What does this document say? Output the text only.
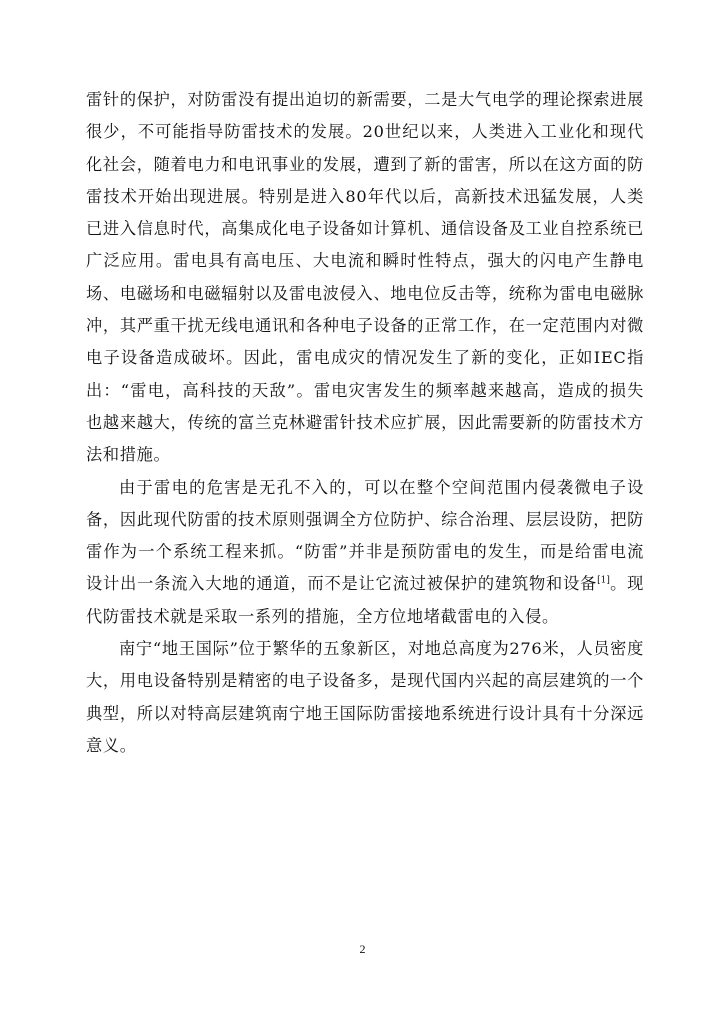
雷针的保护，对防雷没有提出迫切的新需要，二是大气电学的理论探索进展很少，不可能指导防雷技术的发展。20世纪以来，人类进入工业化和现代化社会，随着电力和电讯事业的发展，遭到了新的雷害，所以在这方面的防雷技术开始出现进展。特别是进入80年代以后，高新技术迅猛发展，人类已进入信息时代，高集成化电子设备如计算机、通信设备及工业自控系统已广泛应用。雷电具有高电压、大电流和瞬时性特点，强大的闪电产生静电场、电磁场和电磁辐射以及雷电波侵入、地电位反击等，统称为雷电电磁脉冲，其严重干扰无线电通讯和各种电子设备的正常工作，在一定范围内对微电子设备造成破坏。因此，雷电成灾的情况发生了新的变化，正如IEC指出：“雷电，高科技的天敌”。雷电灾害发生的频率越来越高，造成的损失也越来越大，传统的富兰克林避雷针技术应扩展，因此需要新的防雷技术方法和措施。

由于雷电的危害是无孔不入的，可以在整个空间范围内侵袭微电子设备，因此现代防雷的技术原则强调全方位防护、综合治理、层层设防，把防雷作为一个系统工程来抓。“防雷”并非是预防雷电的发生，而是给雷电流设计出一条流入大地的通道，而不是让它流过被保护的建筑物和设备[1]。现代防雷技术就是采取一系列的措施，全方位地堵截雷电的入侵。

南宁“地王国际”位于繁华的五象新区，对地总高度为276米，人员密度大，用电设备特别是精密的电子设备多，是现代国内兴起的高层建筑的一个典型，所以对特高层建筑南宁地王国际防雷接地系统进行设计具有十分深远意义。

2
